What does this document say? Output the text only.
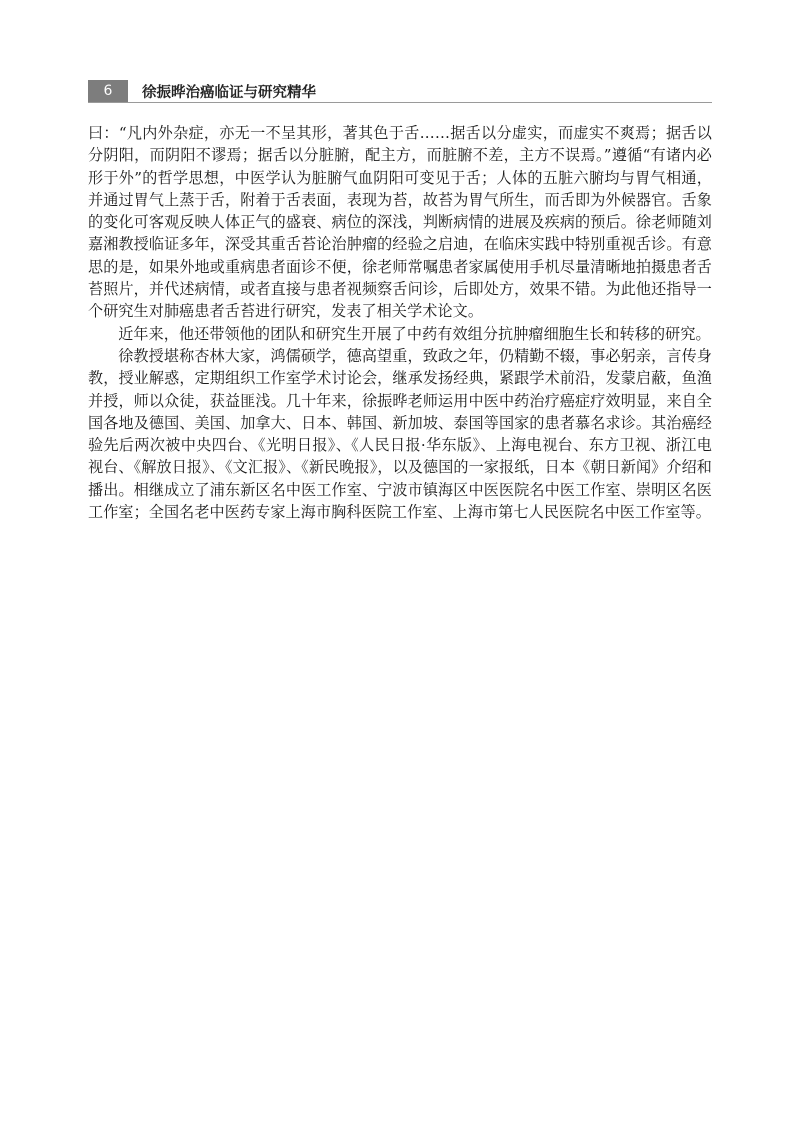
6	徐振晔治癌临证与研究精华

曰：“凡内外杂症，亦无一不呈其形，著其色于舌……据舌以分虚实，而虚实不爽焉；据舌以分阴阳，而阴阳不谬焉；据舌以分脏腑，配主方，而脏腑不差，主方不误焉。”遵循“有诸内必形于外”的哲学思想，中医学认为脏腑气血阴阳可变见于舌；人体的五脏六腑均与胃气相通，并通过胃气上蒸于舌，附着于舌表面，表现为苔，故苔为胃气所生，而舌即为外候器官。舌象的变化可客观反映人体正气的盛衰、病位的深浅，判断病情的进展及疾病的预后。徐老师随刘嘉湘教授临证多年，深受其重舌苔论治肿瘤的经验之启迪，在临床实践中特别重视舌诊。有意思的是，如果外地或重病患者面诊不便，徐老师常嘱患者家属使用手机尽量清晰地拍摄患者舌苔照片，并代述病情，或者直接与患者视频察舌问诊，后即处方，效果不错。为此他还指导一个研究生对肺癌患者舌苔进行研究，发表了相关学术论文。

近年来，他还带领他的团队和研究生开展了中药有效组分抗肿瘤细胞生长和转移的研究。

徐教授堪称杏林大家，鸿儒硕学，德高望重，致政之年，仍精勤不辍，事必躬亲，言传身教，授业解惑，定期组织工作室学术讨论会，继承发扬经典，紧跟学术前沿，发蒙启蔽，鱼渔并授，师以众徒，获益匪浅。几十年来，徐振晔老师运用中医中药治疗癌症疗效明显，来自全国各地及德国、美国、加拿大、日本、韩国、新加坡、泰国等国家的患者慕名求诊。其治癌经验先后两次被中央四台、《光明日报》、《人民日报·华东版》、上海电视台、东方卫视、浙江电视台、《解放日报》、《文汇报》、《新民晚报》，以及德国的一家报纸，日本《朝日新闻》介绍和播出。相继成立了浦东新区名中医工作室、宁波市镇海区中医医院名中医工作室、崇明区名医工作室；全国名老中医药专家上海市胸科医院工作室、上海市第七人民医院名中医工作室等。
